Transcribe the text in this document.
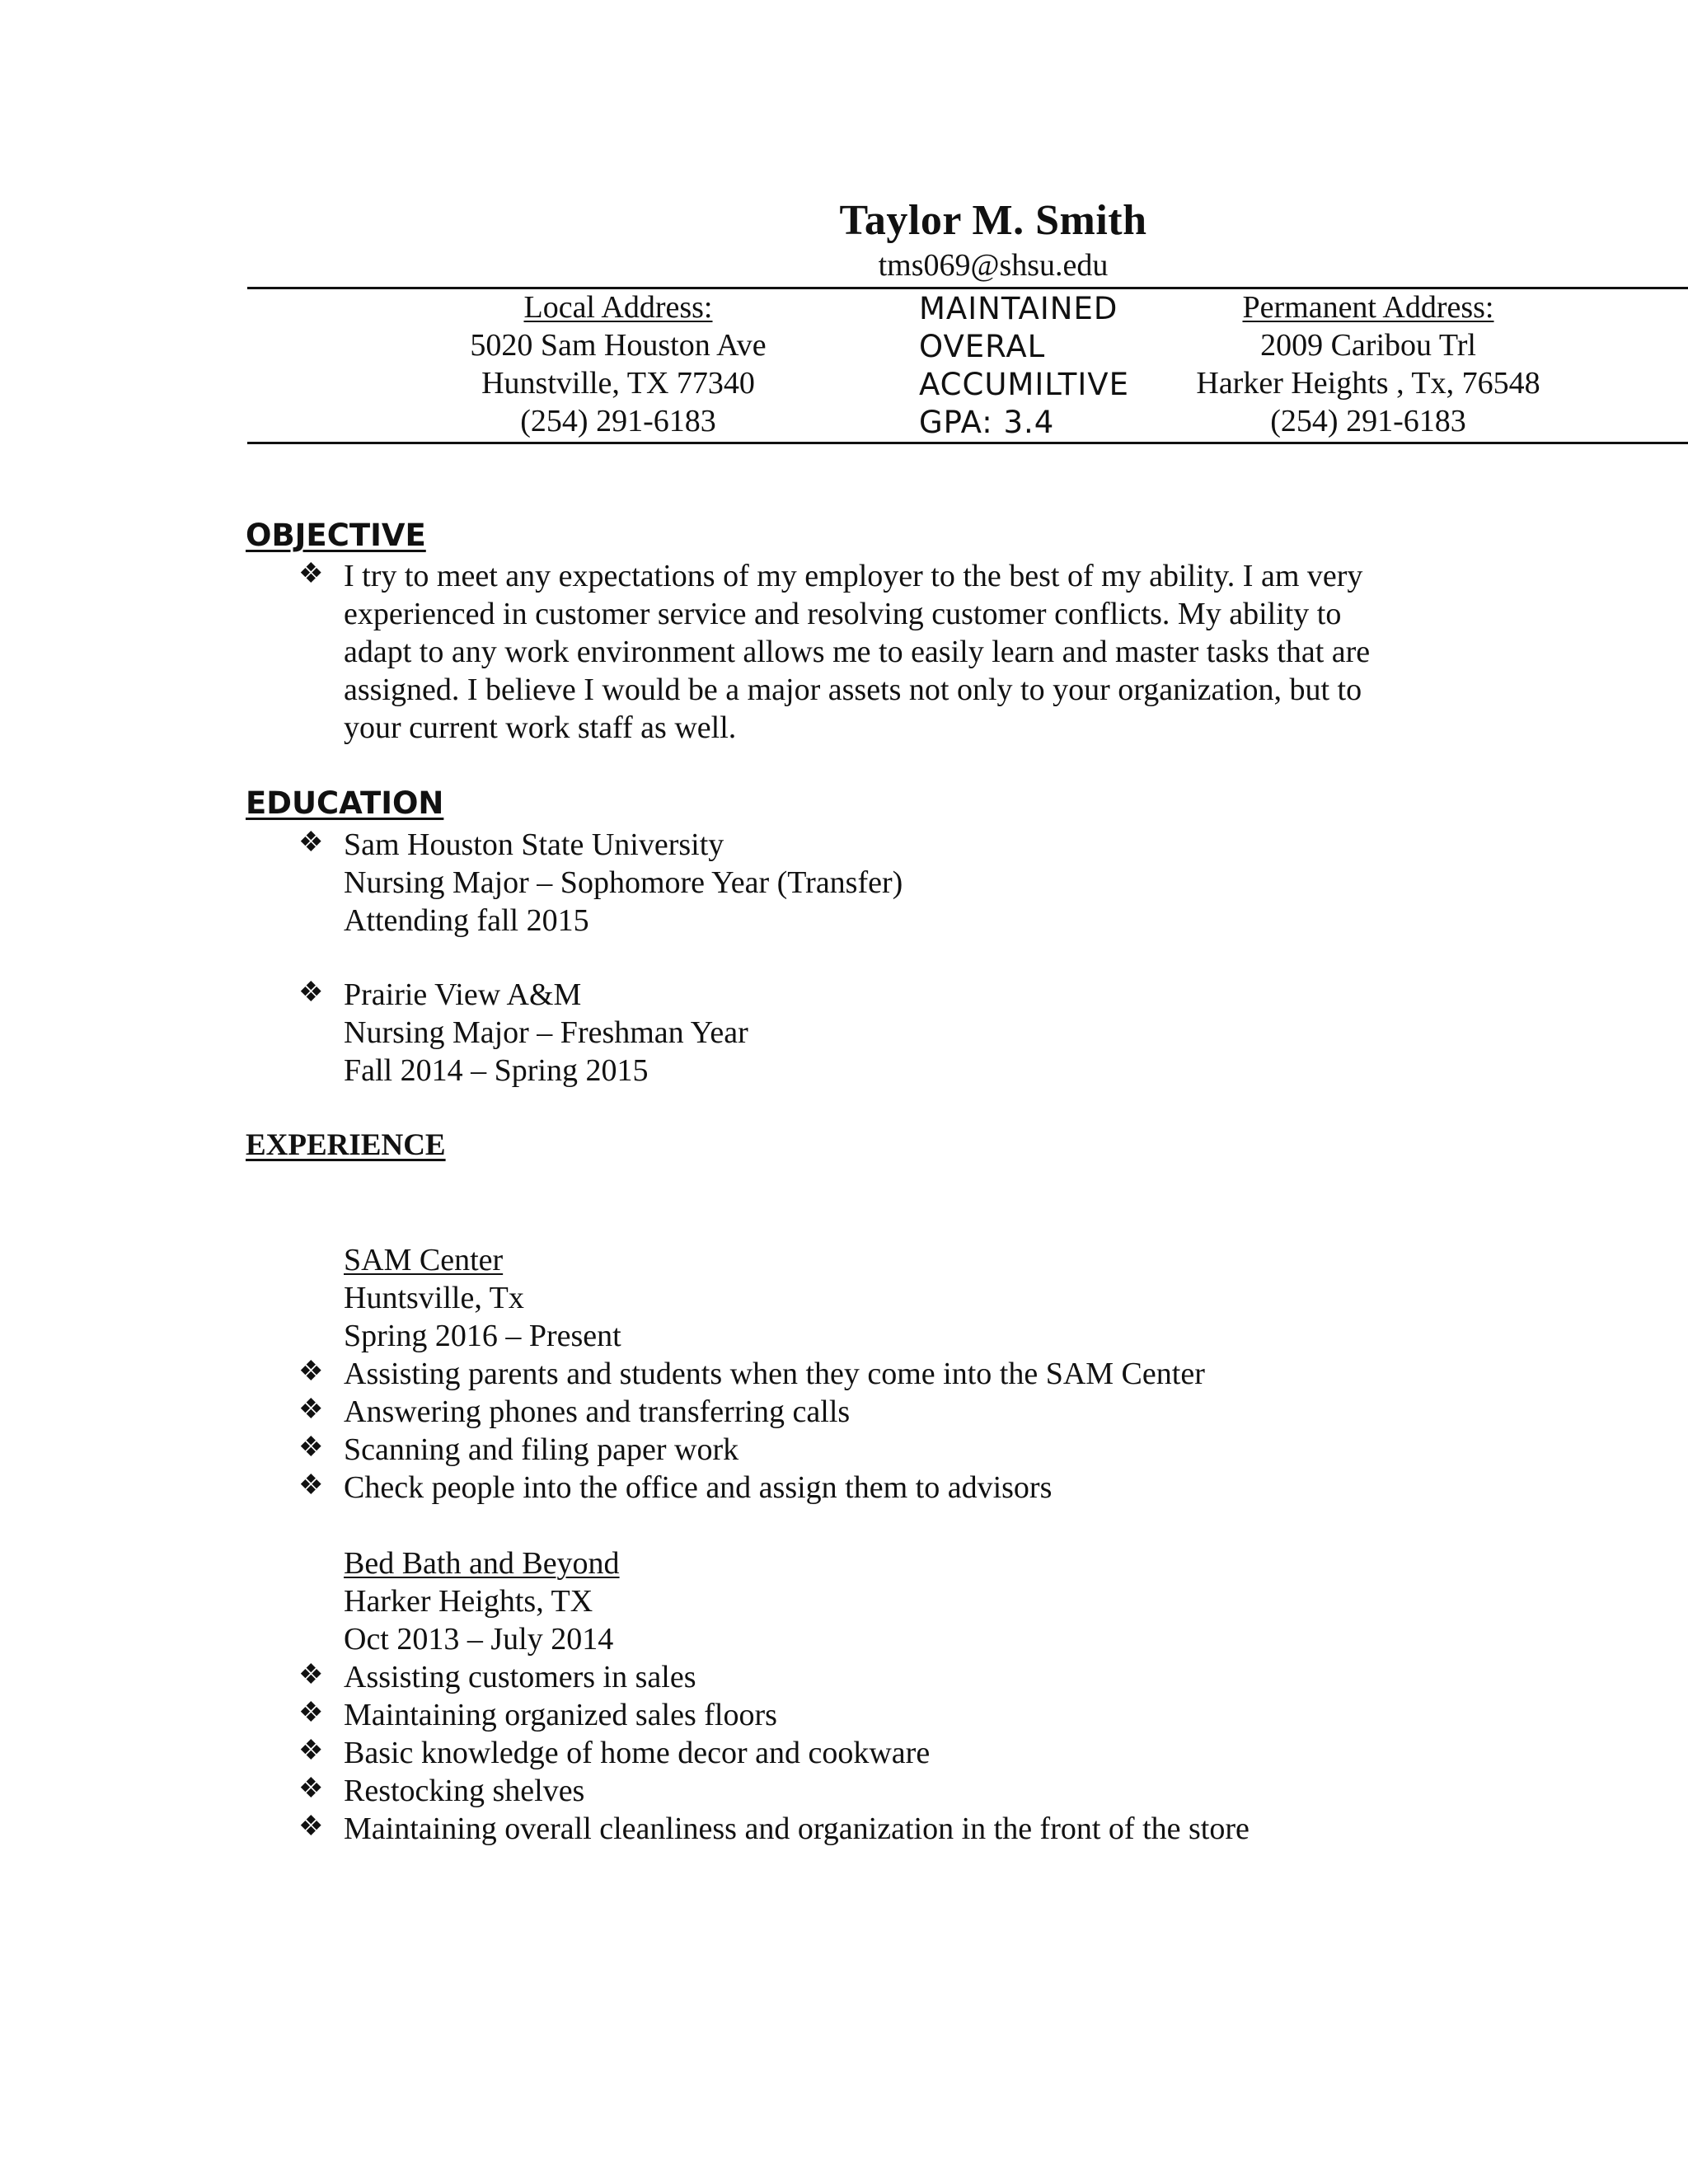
Taylor M. Smith
tms069@shsu.edu
Local Address:
5020 Sam Houston Ave
Hunstville, TX 77340
(254) 291-6183
MAINTAINED
OVERAL
ACCUMILTIVE
GPA: 3.4
Permanent Address:
2009 Caribou Trl
Harker Heights , Tx, 76548
(254) 291-6183
OBJECTIVE
❖ I try to meet any expectations of my employer to the best of my ability. I am very
experienced in customer service and resolving customer conflicts. My ability to
adapt to any work environment allows me to easily learn and master tasks that are
assigned. I believe I would be a major assets not only to your organization, but to
your current work staff as well.
EDUCATION
❖ Sam Houston State University
Nursing Major – Sophomore Year (Transfer)
Attending fall 2015
❖ Prairie View A&M
Nursing Major – Freshman Year
Fall 2014 – Spring 2015
EXPERIENCE
SAM Center
Huntsville, Tx
Spring 2016 – Present
❖ Assisting parents and students when they come into the SAM Center
❖ Answering phones and transferring calls
❖ Scanning and filing paper work
❖ Check people into the office and assign them to advisors
Bed Bath and Beyond
Harker Heights, TX
Oct 2013 – July 2014
❖ Assisting customers in sales
❖ Maintaining organized sales floors
❖ Basic knowledge of home decor and cookware
❖ Restocking shelves
❖ Maintaining overall cleanliness and organization in the front of the store
